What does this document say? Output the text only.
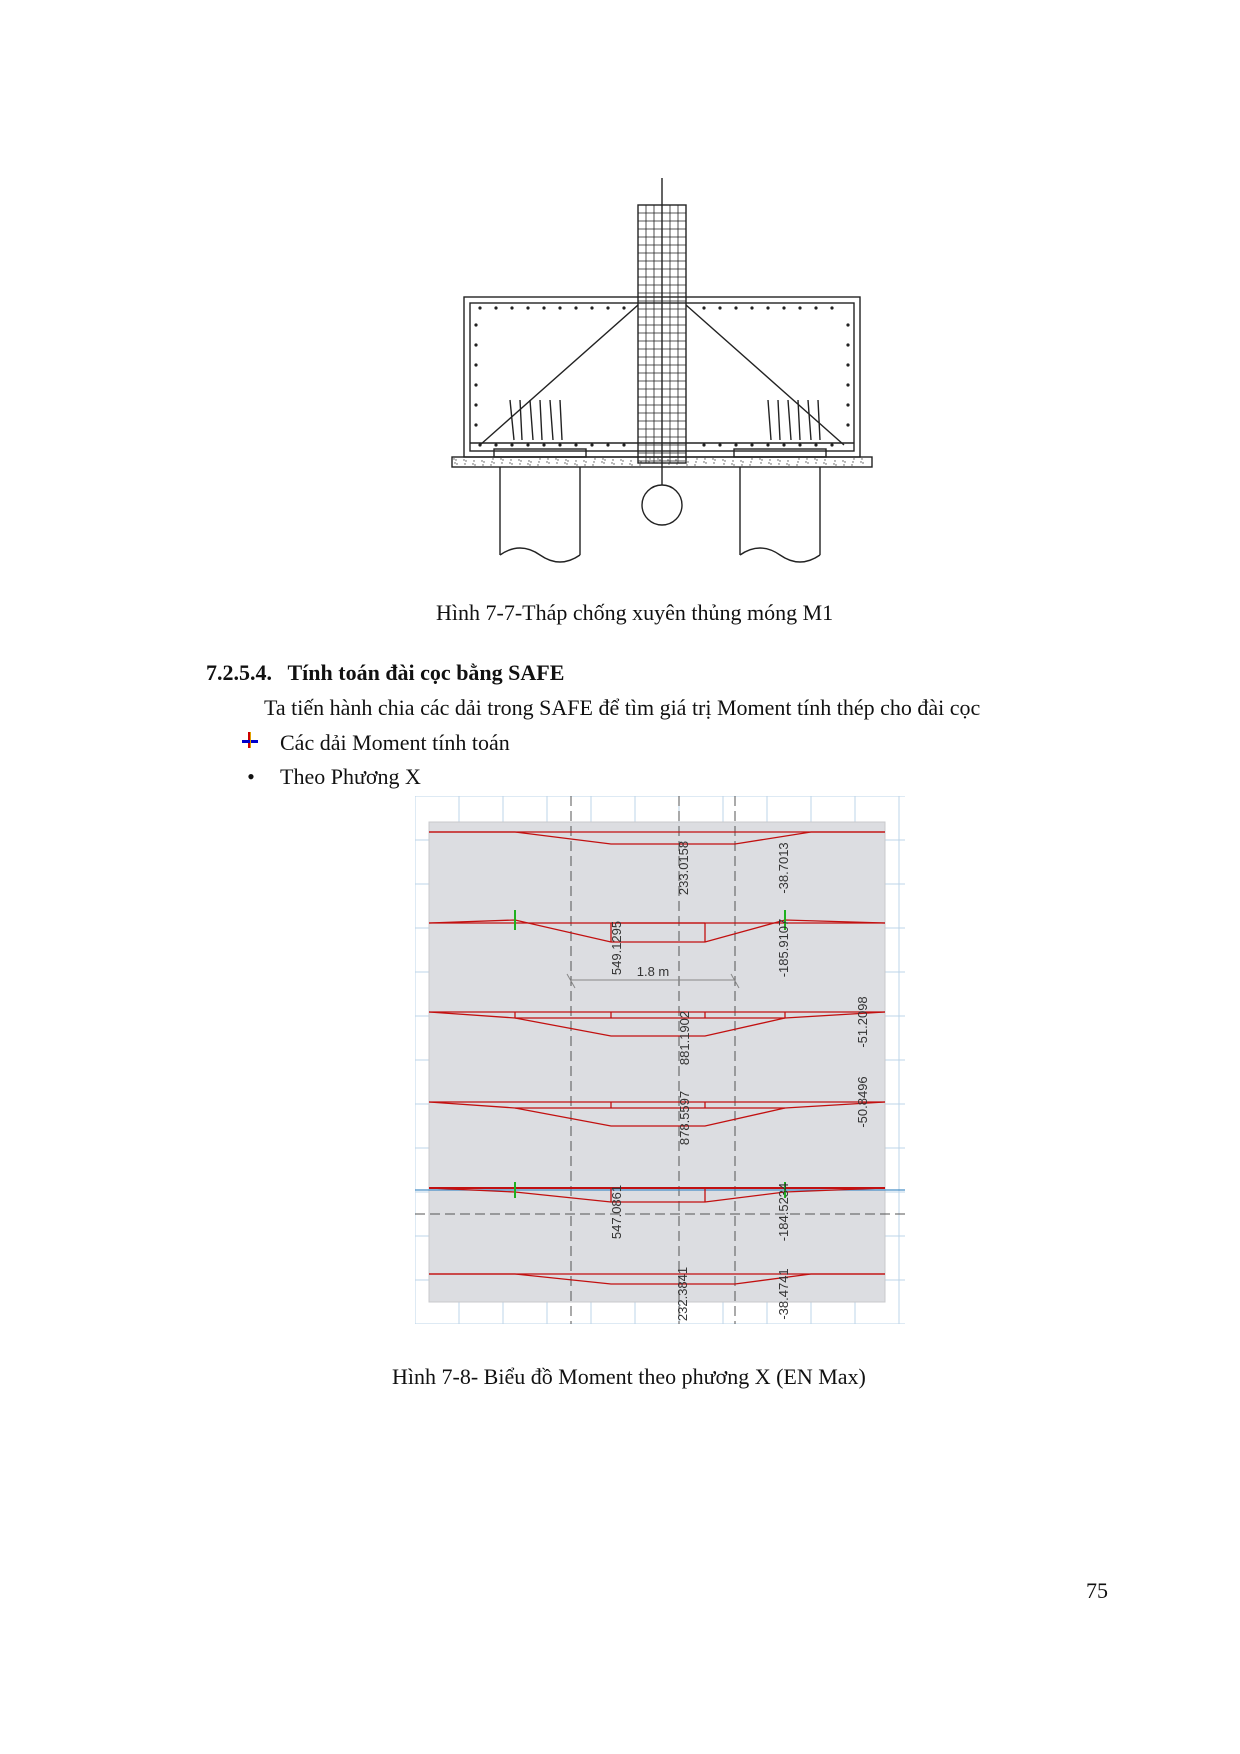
Hình 7-7-Tháp chống xuyên thủng móng M1
7.2.5.4. Tính toán đài cọc bằng SAFE
Ta tiến hành chia các dải trong SAFE để tìm giá trị Moment tính thép cho đài cọc
Các dải Moment tính toán
•	Theo Phương X
1.8 m
233.0158	-38.7013
549.1295	-185.9107
881.1902	-51.2098
878.5597	-50.8496
547.0861	-184.5234
232.3841	-38.4741
Hình 7-8- Biểu đồ Moment theo phương X (EN Max)
75
